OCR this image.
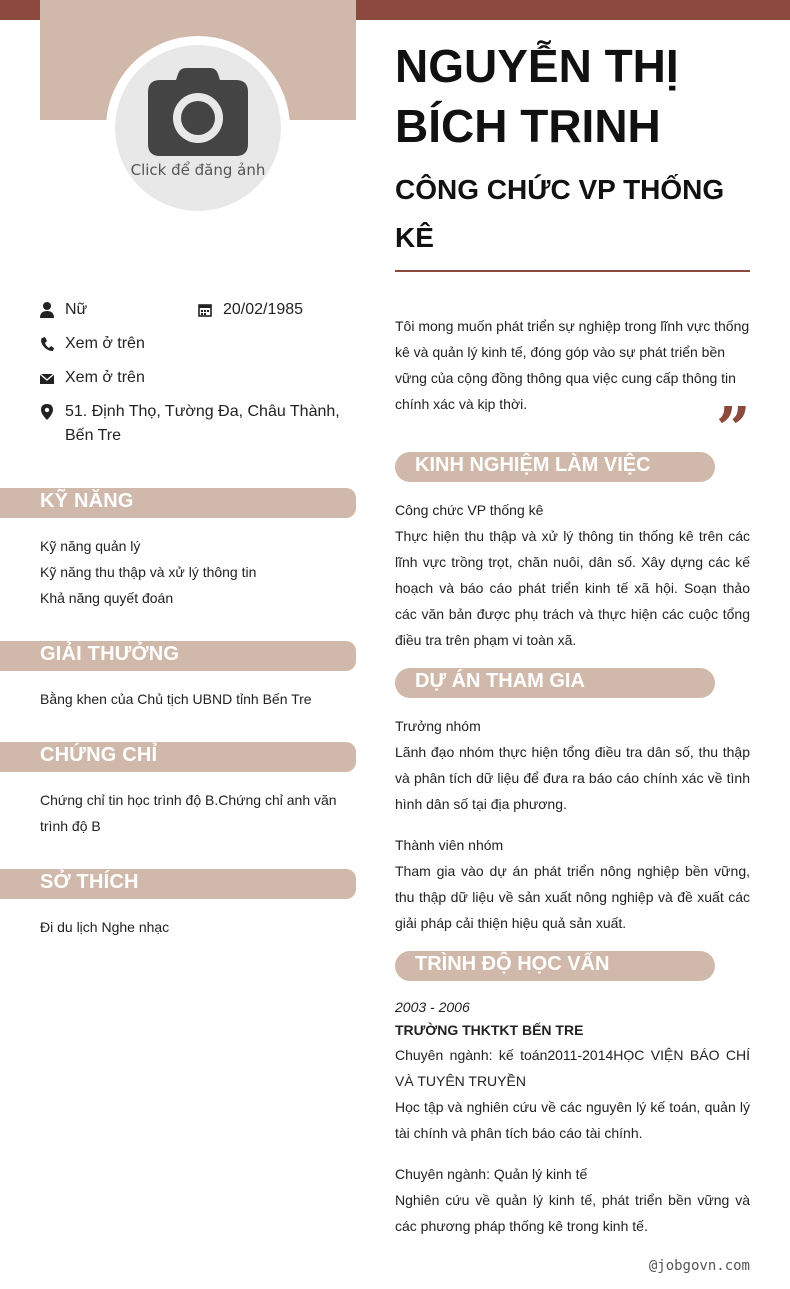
Click để đăng ảnh
Nữ	20/02/1985
Xem ở trên
Xem ở trên
51. Định Thọ, Tường Đa, Châu Thành, Bến Tre
KỸ NĂNG
Kỹ năng quản lý
Kỹ năng thu thập và xử lý thông tin
Khả năng quyết đoán
GIẢI THƯỞNG
Bằng khen của Chủ tịch UBND tỉnh Bến Tre
CHỨNG CHỈ
Chứng chỉ tin học trình độ B.Chứng chỉ anh văn trình độ B
SỞ THÍCH
Đi du lịch Nghe nhạc
NGUYỄN THỊ BÍCH TRINH
CÔNG CHỨC VP THỐNG KÊ
Tôi mong muốn phát triển sự nghiệp trong lĩnh vực thống kê và quản lý kinh tế, đóng góp vào sự phát triển bền vững của cộng đồng thông qua việc cung cấp thông tin chính xác và kịp thời.	”
KINH NGHIỆM LÀM VIỆC
Công chức VP thống kê
Thực hiện thu thập và xử lý thông tin thống kê trên các lĩnh vực trồng trọt, chăn nuôi, dân số. Xây dựng các kế hoạch và báo cáo phát triển kinh tế xã hội. Soạn thảo các văn bản được phụ trách và thực hiện các cuộc tổng điều tra trên phạm vi toàn xã.
DỰ ÁN THAM GIA
Trưởng nhóm
Lãnh đạo nhóm thực hiện tổng điều tra dân số, thu thập và phân tích dữ liệu để đưa ra báo cáo chính xác về tình hình dân số tại địa phương.
Thành viên nhóm
Tham gia vào dự án phát triển nông nghiệp bền vững, thu thập dữ liệu về sản xuất nông nghiệp và đề xuất các giải pháp cải thiện hiệu quả sản xuất.
TRÌNH ĐỘ HỌC VẤN
2003 - 2006
TRƯỜNG THKTKT BẾN TRE
Chuyên ngành: kế toán2011-2014HỌC VIỆN BÁO CHÍ VÀ TUYÊN TRUYỀN
Học tập và nghiên cứu về các nguyên lý kế toán, quản lý tài chính và phân tích báo cáo tài chính.
Chuyên ngành: Quản lý kinh tế
Nghiên cứu về quản lý kinh tế, phát triển bền vững và các phương pháp thống kê trong kinh tế.
@jobgovn.com
